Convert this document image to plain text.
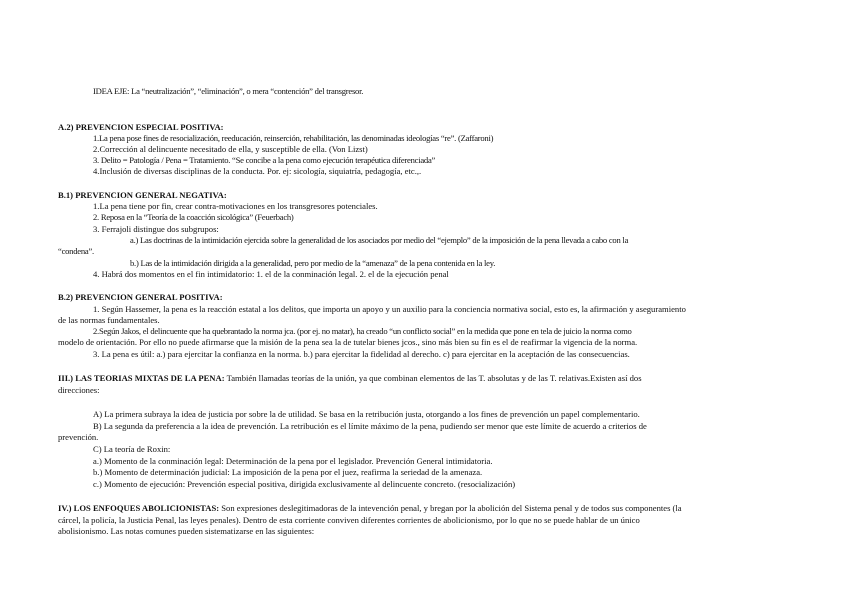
IDEA EJE: La “neutralización”, “eliminación”, o mera “contención” del transgresor.
A.2) PREVENCION ESPECIAL POSITIVA:
1.La pena pose fines de resocialización, reeducación, reinserción, rehabilitación, las denominadas ideologías “re”. (Zaffaroni)
2.Corrección al delincuente necesitado de ella, y susceptible de ella. (Von Lizst)
3. Delito = Patología / Pena = Tratamiento. “Se concibe a la pena como ejecución terapéutica diferenciada”
4.Inclusión de diversas disciplinas de la conducta. Por. ej: sicología, siquiatría, pedagogía, etc.,.
B.1) PREVENCION GENERAL NEGATIVA:
1.La pena tiene por fin, crear contra-motivaciones en los transgresores potenciales.
2. Reposa en la “Teoría de la coacción sicológica” (Feuerbach)
3. Ferrajoli distingue dos subgrupos:
a.) Las doctrinas de la intimidación ejercida sobre la generalidad de los asociados por medio del “ejemplo” de la imposición de la pena llevada a cabo con la
“condena”.
b.) Las de la intimidación dirigida a la generalidad, pero por medio de la “amenaza” de la pena contenida en la ley.
4. Habrá dos momentos en el fin intimidatorio: 1. el de la conminación legal. 2. el de la ejecución penal
B.2) PREVENCION GENERAL POSITIVA:
1. Según Hassemer, la pena es la reacción estatal a los delitos, que importa un apoyo y un auxilio para la conciencia normativa social, esto es, la afirmación y aseguramiento
de las normas fundamentales.
2.Según Jakos, el delincuente que ha quebrantado la norma jca. (por ej. no matar), ha creado “un conflicto social” en la medida que pone en tela de juicio la norma como
modelo de orientación. Por ello no puede afirmarse que la misión de la pena sea la de tutelar bienes jcos., sino más bien su fin es el de reafirmar la vigencia de la norma.
3. La pena es útil: a.) para ejercitar la confianza en la norma. b.) para ejercitar la fidelidad al derecho. c) para ejercitar en la aceptación de las consecuencias.
III.) LAS TEORIAS MIXTAS DE LA PENA: También llamadas teorías de la unión, ya que combinan elementos de las T. absolutas y de las T. relativas.Existen así dos
direcciones:
A) La primera subraya la idea de justicia por sobre la de utilidad. Se basa en la retribución justa, otorgando a los fines de prevención un papel complementario.
B) La segunda da preferencia a la idea de prevención. La retribución es el límite máximo de la pena, pudiendo ser menor que este límite de acuerdo a criterios de
prevención.
C) La teoría de Roxin:
a.) Momento de la conminación legal: Determinación de la pena por el legislador. Prevención General intimidatoria.
b.) Momento de determinación judicial: La imposición de la pena por el juez, reafirma la seriedad de la amenaza.
c.) Momento de ejecución: Prevención especial positiva, dirigida exclusivamente al delincuente concreto. (resocialización)
IV.) LOS ENFOQUES ABOLICIONISTAS: Son expresiones deslegitimadoras de la intevención penal, y bregan por la abolición del Sistema penal y de todos sus componentes (la
cárcel, la policía, la Justicia Penal, las leyes penales). Dentro de esta corriente conviven diferentes corrientes de abolicionismo, por lo que no se puede hablar de un único
abolisionismo. Las notas comunes pueden sistematizarse en las siguientes:
